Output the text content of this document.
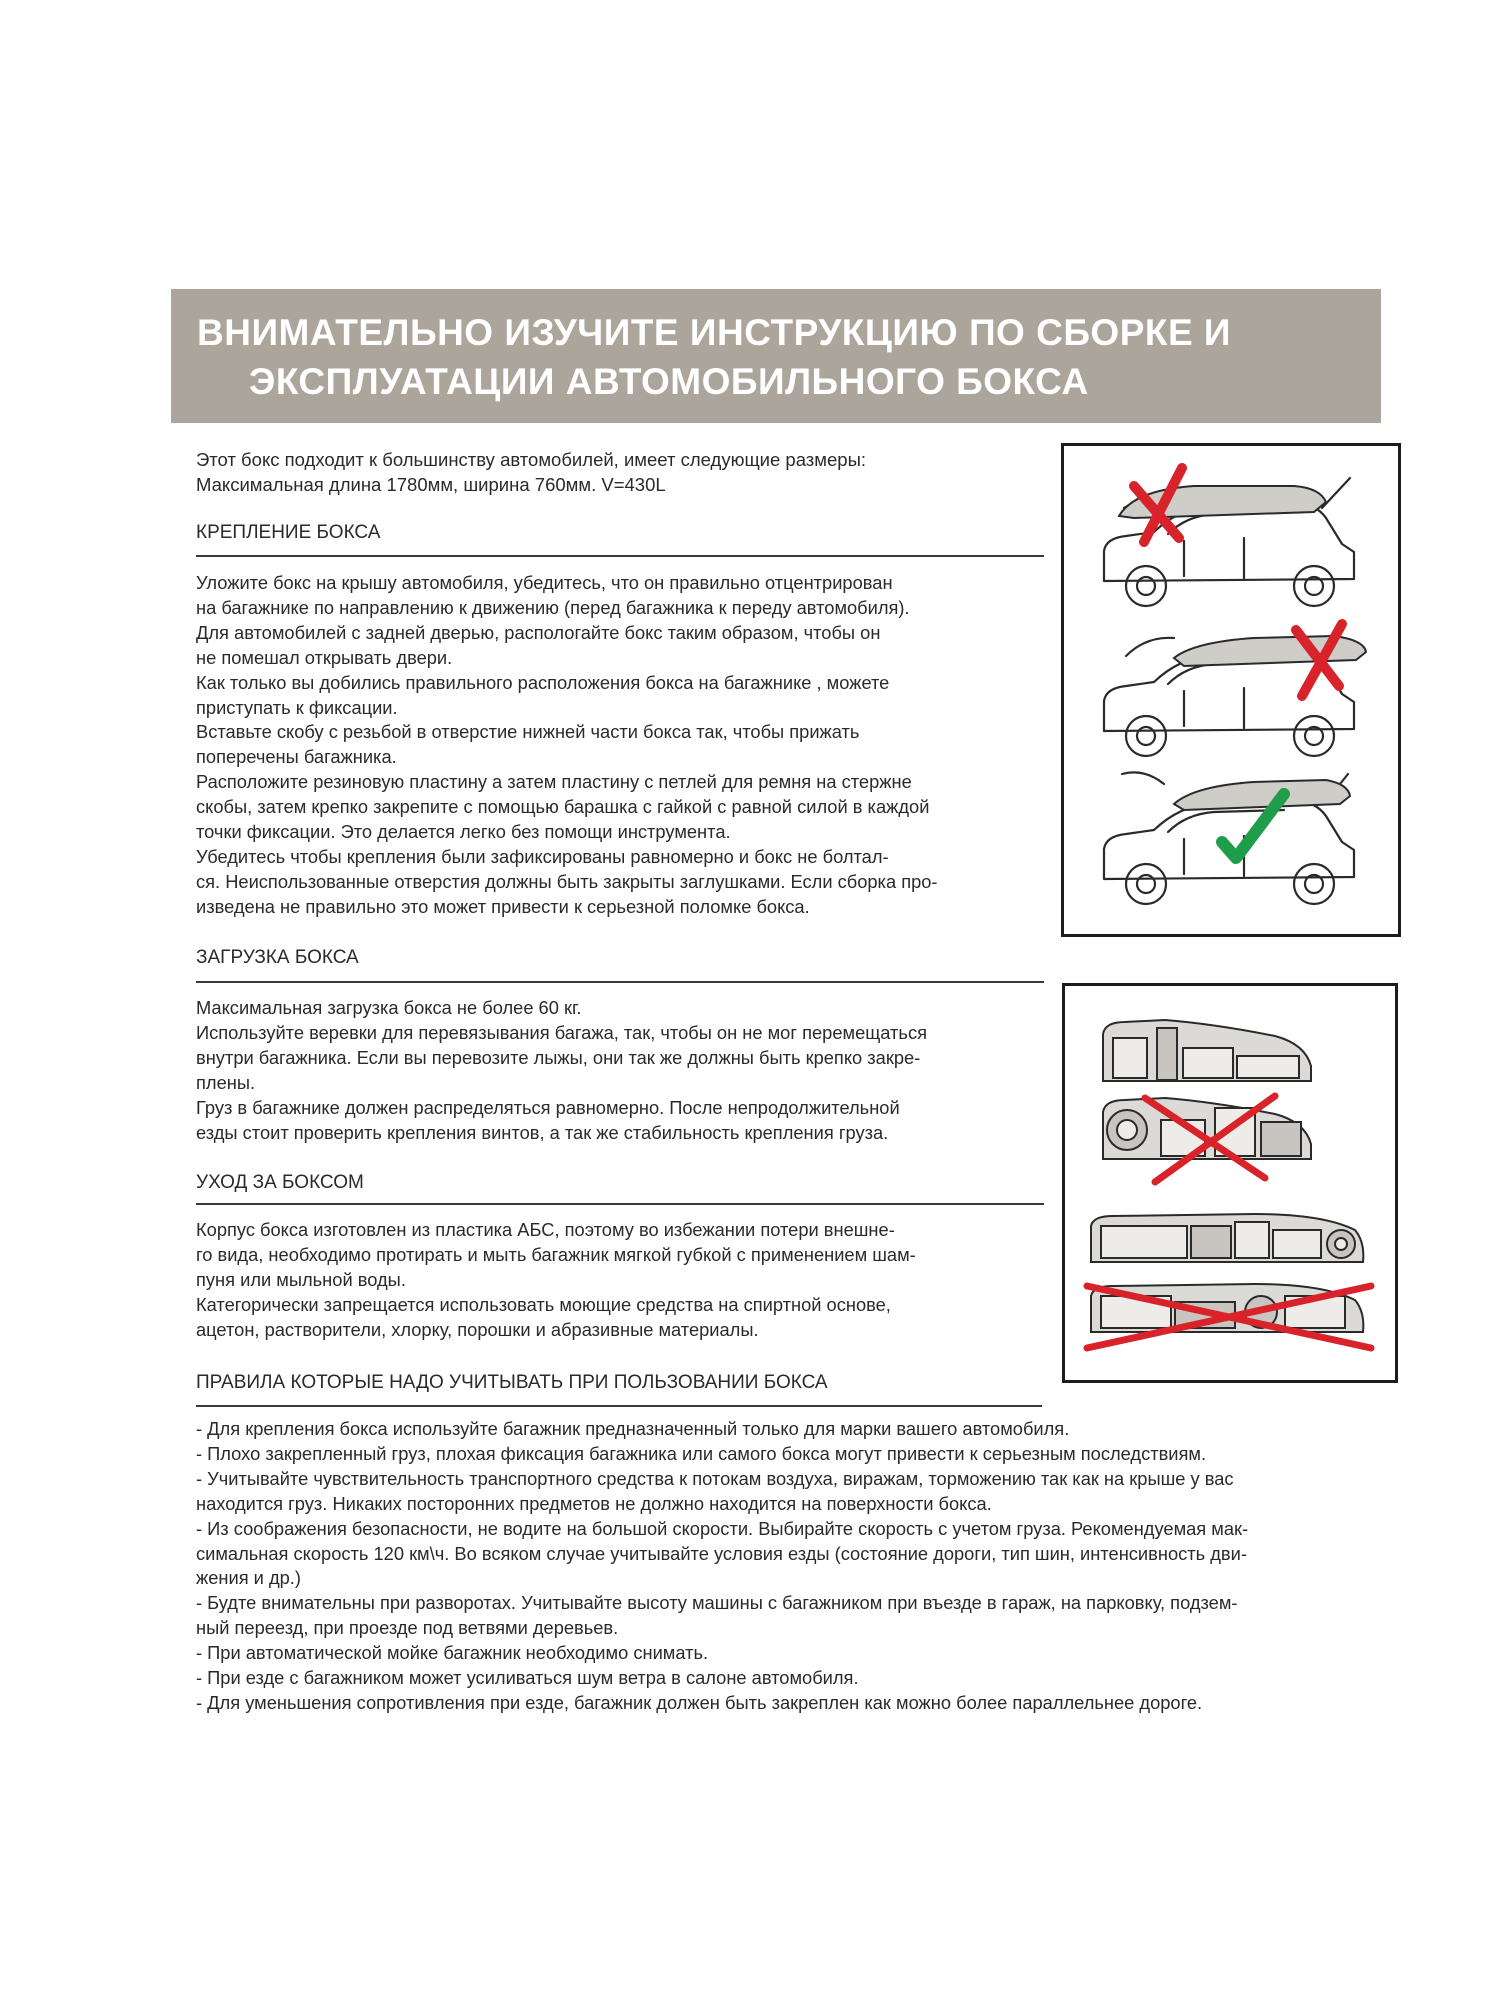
ВНИМАТЕЛЬНО ИЗУЧИТЕ ИНСТРУКЦИЮ ПО СБОРКЕ И
ЭКСПЛУАТАЦИИ АВТОМОБИЛЬНОГО БОКСА

Этот бокс подходит к большинству автомобилей, имеет следующие размеры:

Максимальная длина 1780мм, ширина 760мм. V=430L

КРЕПЛЕНИЕ БОКСА

Уложите бокс на крышу автомобиля, убедитесь, что он правильно отцентрирован

на багажнике по направлению к движению (перед багажника к переду автомобиля).

Для автомобилей с задней дверью, распологайте бокс таким образом, чтобы он

не помешал открывать двери.

Как только вы добились правильного расположения бокса на багажнике , можете

приступать к фиксации.

Вставьте скобу с резьбой в отверстие нижней части бокса так, чтобы прижать

поперечены багажника.

Расположите резиновую пластину а затем пластину с петлей для ремня на стержне

скобы, затем крепко закрепите с помощью барашка с гайкой с равной силой в каждой

точки фиксации. Это делается легко без помощи инструмента.

Убедитесь чтобы крепления были зафиксированы равномерно и бокс не болтал-

ся. Неиспользованные отверстия должны быть закрыты заглушками. Если сборка про-

изведена не правильно это может привести к серьезной поломке бокса.

ЗАГРУЗКА БОКСА

Максимальная загрузка бокса не более 60 кг.

Используйте веревки для перевязывания багажа, так, чтобы он не мог перемещаться

внутри багажника. Если вы перевозите лыжы, они так же должны быть крепко закре-

плены.

Груз в багажнике должен распределяться равномерно. После непродолжительной

езды стоит проверить крепления винтов, а так же стабильность крепления груза.

УХОД ЗА БОКСОМ

Корпус бокса изготовлен из пластика АБС, поэтому во избежании потери внешне-

го вида, необходимо протирать и мыть багажник мягкой губкой с применением шам-

пуня или мыльной воды.

Категорически запрещается использовать моющие средства на спиртной основе,

ацетон, растворители, хлорку, порошки и абразивные материалы.

ПРАВИЛА КОТОРЫЕ НАДО УЧИТЫВАТЬ ПРИ ПОЛЬЗОВАНИИ БОКСА

- Для крепления бокса используйте багажник предназначенный только для марки вашего автомобиля.

- Плохо закрепленный груз, плохая фиксация багажника или самого бокса могут привести к серьезным последствиям.

- Учитывайте чувствительность транспортного средства к потокам воздуха, виражам, торможению так как на крыше у вас

находится груз. Никаких посторонних предметов не должно находится на поверхности бокса.

- Из соображения безопасности, не водите на большой скорости. Выбирайте скорость с учетом груза. Рекомендуемая мак-

симальная скорость 120 км\ч. Во всяком случае учитывайте условия езды (состояние дороги, тип шин, интенсивность дви-

жения и др.)

- Будте внимательны при разворотах. Учитывайте высоту машины с багажником при въезде в гараж, на парковку, подзем-

ный переезд, при проезде под ветвями деревьев.

- При автоматической мойке багажник необходимо снимать.

- При езде с багажником может усиливаться шум ветра в салоне автомобиля.

- Для уменьшения сопротивления при езде, багажник должен быть закреплен как можно более параллельнее дороге.
